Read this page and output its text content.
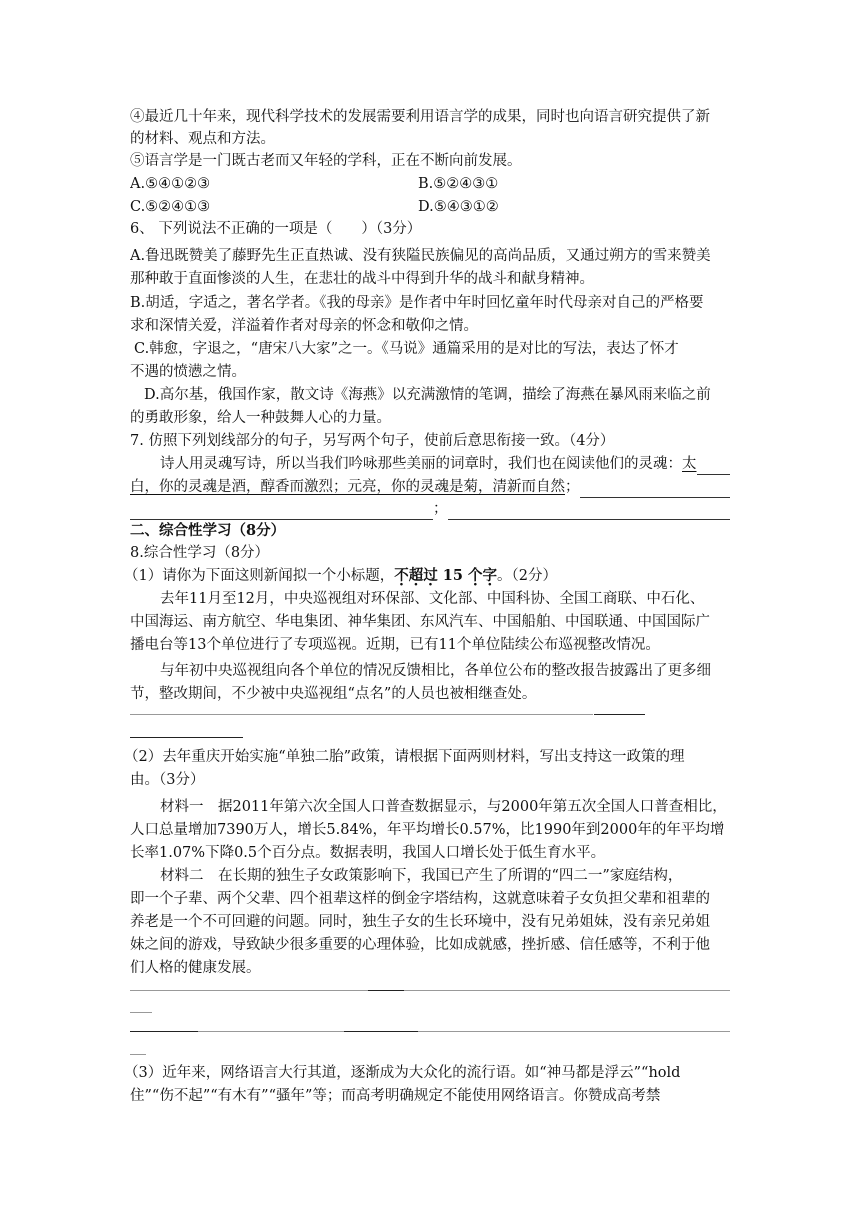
④最近几十年来，现代科学技术的发展需要利用语言学的成果，同时也向语言研究提供了新
的材料、观点和方法。
⑤语言学是一门既古老而又年轻的学科，正在不断向前发展。
A.⑤④①②③	B.⑤②④③①
C.⑤②④①③	D.⑤④③①②
6、 下列说法不正确的一项是（　　）（3分）
A.鲁迅既赞美了藤野先生正直热诚、没有狭隘民族偏见的高尚品质，又通过朔方的雪来赞美
那种敢于直面惨淡的人生，在悲壮的战斗中得到升华的战斗和献身精神。
B.胡适，字适之，著名学者。《我的母亲》是作者中年时回忆童年时代母亲对自己的严格要
求和深情关爱，洋溢着作者对母亲的怀念和敬仰之情。
C.韩愈，字退之，“唐宋八大家”之一。《马说》通篇采用的是对比的写法，表达了怀才
不遇的愤懑之情。
D.高尔基，俄国作家，散文诗《海燕》以充满激情的笔调，描绘了海燕在暴风雨来临之前
的勇敢形象，给人一种鼓舞人心的力量。
7. 仿照下列划线部分的句子，另写两个句子，使前后意思衔接一致。（4分）
诗人用灵魂写诗，所以当我们吟咏那些美丽的词章时，我们也在阅读他们的灵魂：太
白，你的灵魂是酒，醇香而激烈；元亮，你的灵魂是菊，清新而自然；
；
二、综合性学习（8分）
8.综合性学习（8分）
（1）请你为下面这则新闻拟一个小标题，不超过 15 个字。（2分）
去年11月至12月，中央巡视组对环保部、文化部、中国科协、全国工商联、中石化、
中国海运、南方航空、华电集团、神华集团、东风汽车、中国船舶、中国联通、中国国际广
播电台等13个单位进行了专项巡视。近期，已有11个单位陆续公布巡视整改情况。
与年初中央巡视组向各个单位的情况反馈相比，各单位公布的整改报告披露出了更多细
节，整改期间，不少被中央巡视组“点名”的人员也被相继查处。
（2）去年重庆开始实施“单独二胎”政策，请根据下面两则材料，写出支持这一政策的理
由。（3分）
材料一　据2011年第六次全国人口普查数据显示，与2000年第五次全国人口普查相比，
人口总量增加7390万人，增长5.84%，年平均增长0.57%，比1990年到2000年的年平均增
长率1.07%下降0.5个百分点。数据表明，我国人口增长处于低生育水平。
材料二　在长期的独生子女政策影响下，我国已产生了所谓的“四二一”家庭结构，
即一个子辈、两个父辈、四个祖辈这样的倒金字塔结构，这就意味着子女负担父辈和祖辈的
养老是一个不可回避的问题。同时，独生子女的生长环境中，没有兄弟姐妹，没有亲兄弟姐
妹之间的游戏，导致缺少很多重要的心理体验，比如成就感，挫折感、信任感等，不利于他
们人格的健康发展。
（3）近年来，网络语言大行其道，逐渐成为大众化的流行语。如“神马都是浮云”“hold
住”“伤不起”“有木有”“骚年”等；而高考明确规定不能使用网络语言。你赞成高考禁
